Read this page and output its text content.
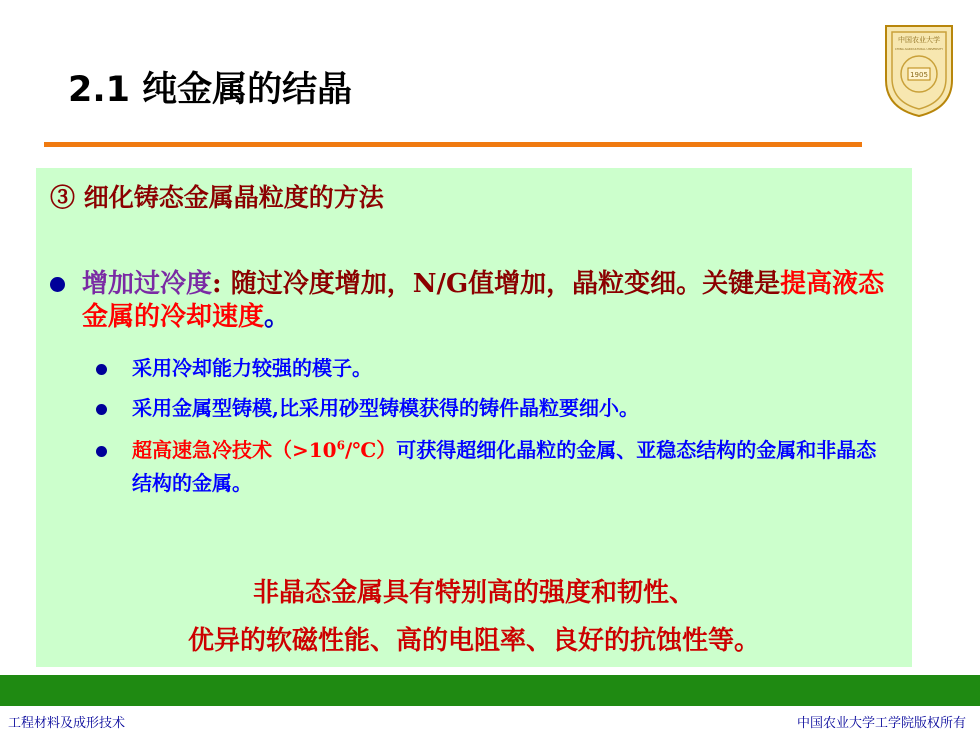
2.1 纯金属的结晶	1905
中国农业大学
CHINA AGRICULTURAL UNIVERSITY
③ 细化铸态金属晶粒度的方法
增加过冷度: 随过冷度增加，N/G值增加，晶粒变细。关键是提高液态金属的冷却速度。
采用冷却能力较强的模子。
采用金属型铸模,比采用砂型铸模获得的铸件晶粒要细小。
超高速急冷技术$(>10^6/℃)$可获得超细化晶粒的金属、亚稳态结构的金属和非晶态结构的金属。
非晶态金属具有特别高的强度和韧性、
优异的软磁性能、高的电阻率、良好的抗蚀性等。
工程材料及成形技术	中国农业大学工学院版权所有
